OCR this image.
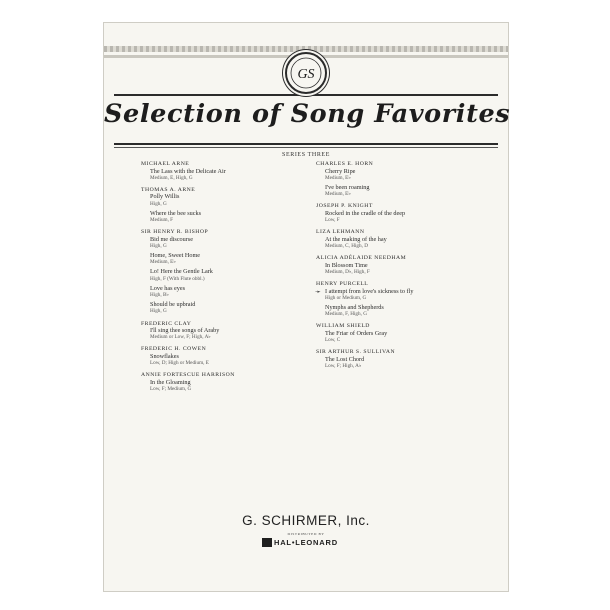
GS
Selection of Song Favorites
SERIES THREE
MICHAEL ARNE
The Lass with the Delicate Air
Medium, E, High, G
THOMAS A. ARNE
Polly Willis
High, G
Where the bee sucks
Medium, F
SIR HENRY R. BISHOP
Bid me discourse
High, G
Home, Sweet Home
Medium, E♭
Lo! Here the Gentle Lark
High, F (With Flute obbl.)
Love has eyes
High, B♭
Should be upbraid
High, G
FREDERIC CLAY
I'll sing thee songs of Araby
Medium or Low, F; High, A♭
FREDERIC H. COWEN
Snowflakes
Low, D; High or Medium, E
ANNIE FORTESCUE HARRISON
In the Gloaming
Low, F; Medium, G
CHARLES E. HORN
Cherry Ripe
Medium, E♭
I've been roaming
Medium, E♭
JOSEPH P. KNIGHT
Rocked in the cradle of the deep
Low, F
LIZA LEHMANN
At the making of the hay
Medium, C, High, D
ALICIA ADÉLAIDE NEEDHAM
In Blossom Time
Medium, D♭, High, F
HENRY PURCELL
➛ I attempt from love's sickness to fly
High or Medium, G
Nymphs and Shepherds
Medium, F, High, G
WILLIAM SHIELD
The Friar of Orders Gray
Low, C
SIR ARTHUR S. SULLIVAN
The Lost Chord
Low, F; High, A♭
G. SCHIRMER, Inc.
DISTRIBUTED BY
HAL•LEONARD
